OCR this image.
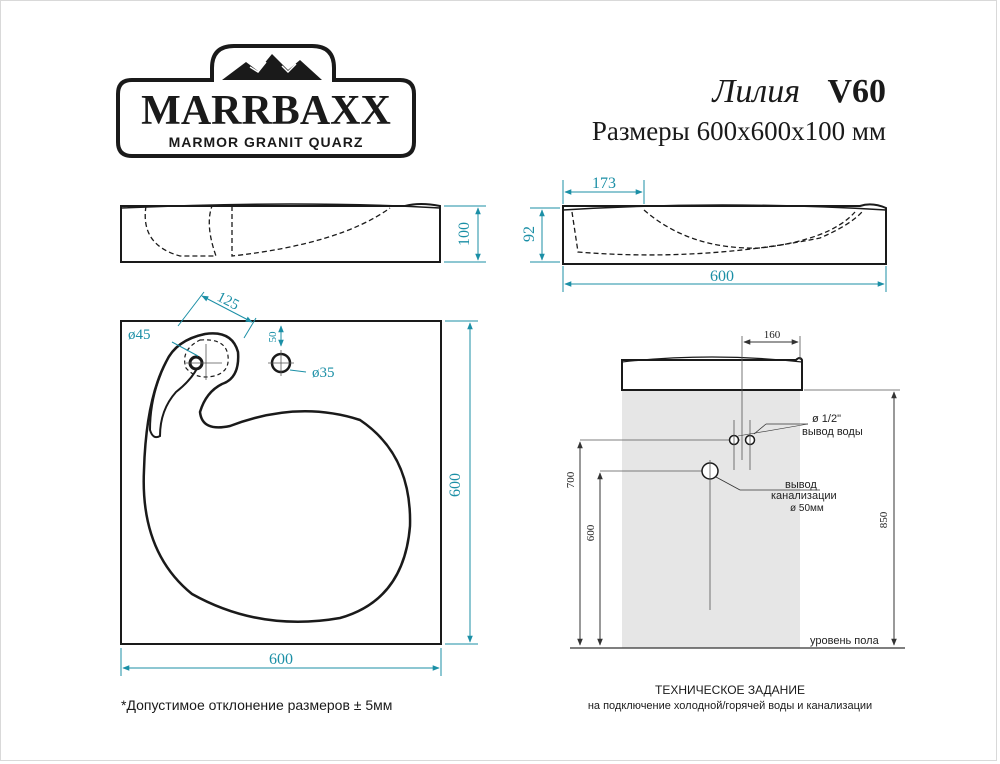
MARRBAXX
MARMOR GRANIT QUARZ
Лилия V60
Размеры 600х600х100 мм
100	92
173
600
50
ø35
ø45
125
600
600
160
ø 1/2"
вывод воды
вывод
канализации
ø 50мм
700
600
850
уровень пола
*Допустимое отклонение размеров ± 5мм
ТЕХНИЧЕСКОЕ ЗАДАНИЕ
на подключение холодной/горячей воды и канализации
